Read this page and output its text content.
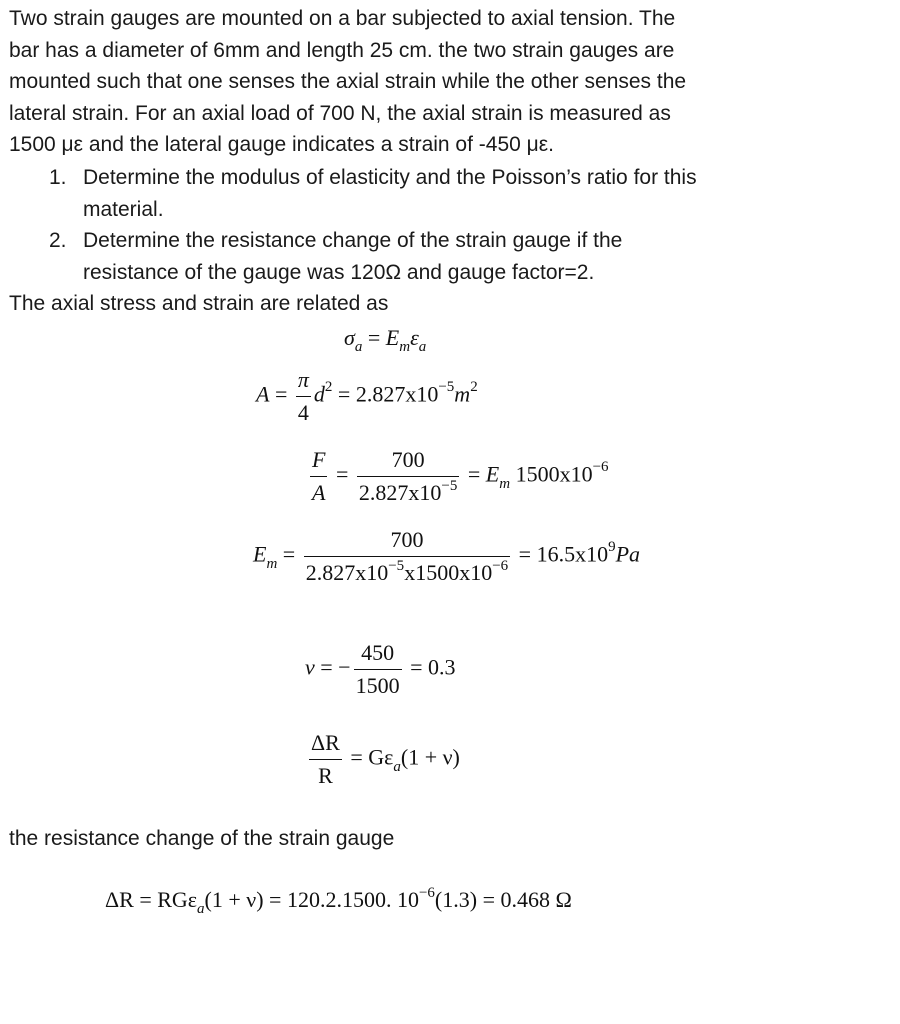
Two strain gauges are mounted on a bar subjected to axial tension. The
bar has a diameter of 6mm and length 25 cm. the two strain gauges are
mounted such that one senses the axial strain while the other senses the
lateral strain. For an axial load of 700 N, the axial strain is measured as
1500 με and the lateral gauge indicates a strain of -450 με.
1. Determine the modulus of elasticity and the Poisson’s ratio for this
material.
2. Determine the resistance change of the strain gauge if the
resistance of the gauge was 120Ω and gauge factor=2.
The axial stress and strain are related as
$\sigma_a = E_m\varepsilon_a$
$A = \frac{\pi}{4} d^2 = 2.827x10^{-5}m^2$
$\frac{F}{A} = \frac{700}{2.827x10^{-5}} = E_m$ $1500x10^{-6}$
$E_m = \frac{700}{2.827x10^{-5}x1500x10^{-6}} = 16.5x10^9Pa$
ν = − $\frac{450}{1500} = 0.3$
$\frac{\Delta R}{R} = G\varepsilon_a(1 + \nu)$
the resistance change of the strain gauge
ΔR = RGε$_a$(1 + ν) = 120.2.1500. $10^{-6}(1.3) = 0.468$ Ω
